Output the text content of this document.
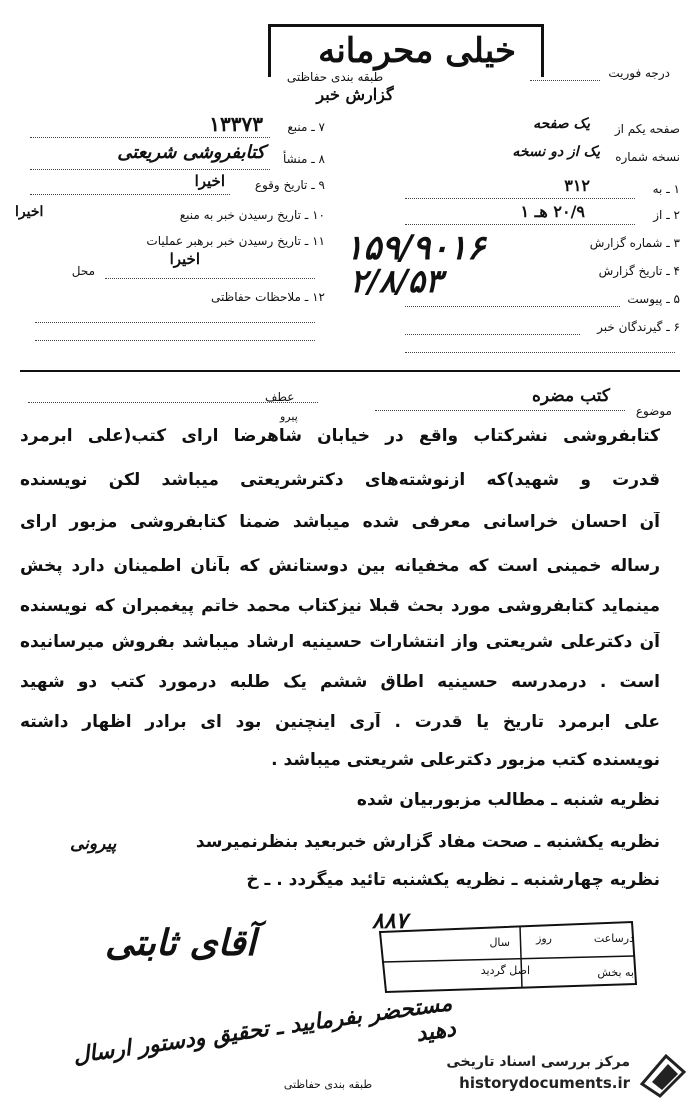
خیلی محرمانه
طبقه بندی حفاظتی
گزارش خبر
درجه فوریت
۷ ـ منبع
۱۳۳۷۳
۸ ـ منشأ
کتابفروشی شریعتی
۹ ـ تاریخ وقوع
اخیرا
۱۰ ـ تاریخ رسیدن خبر به منبع
اخیرا
۱۱ ـ تاریخ رسیدن خبر برهبر عملیات
محل
اخیرا
۱۲ ـ ملاحظات حفاظتی
صفحه یکم از
یک صفحه
نسخه شماره
یک از دو نسخه
۱ ـ به
۳۱۲
۲ ـ از
۲۰/۹ هـ ۱
۳ ـ شماره گزارش
۴ ـ تاریخ گزارش
۵ ـ پیوست
۶ ـ گیرندگان خبر
۱۵۹/۹۰۱۶
۲/۸/۵۳
موضوع
کتب مضره
عطف
پیرو
کتابفروشی نشرکتاب واقع در خیابان شاهرضا ارای کتب(علی ابرمرد
قدرت و شهید)که ازنوشته‌های دکترشریعتی میباشد لکن نویسنده
آن احسان خراسانی معرفی شده میباشد ضمنا کتابفروشی مزبور ارای
رساله خمینی است که مخفیانه بین دوستانش که بآنان اطمینان دارد پخش
مینماید کتابفروشی مورد بحث قبلا نیزکتاب محمد خاتم پیغمبران که نویسنده
آن دکترعلی شریعتی واز انتشارات حسینیه ارشاد میباشد بفروش میرسانیده
است . درمدرسه حسینیه اطاق ششم یک طلبه درمورد کتب دو شهید
علی ابرمرد تاریخ یا قدرت . آری اینچنین بود ای برادر اظهار داشته
نویسنده کتب مزبور دکترعلی شریعتی میباشد .
نظریه شنبه ـ مطالب مزبوربیان شده
نظریه یکشنبه ـ صحت مفاد گزارش خبربعید بنظرنمیرسد
نظریه چهارشنبه ـ نظریه یکشنبه تائید میگردد . ـ خ
پیرونی
آقای ثابتی	درساعت
روز
سال
به بخش
اصل گردید
۸۸۷
مستحضر بفرمایید ـ تحقیق ودستور ارسال دهید
طبقه بندی حفاظتی
مرکز بررسی اسناد تاریخی
historydocuments.ir
